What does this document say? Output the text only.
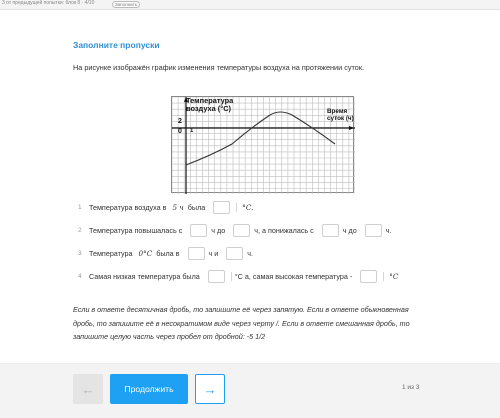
3 от предыдущей попытки: блок 8 · 4/10	Заполнить
Заполните пропуски
На рисунке изображён график изменения температуры воздуха на протяжении суток.
Температура воздуха (°С)	Время суток (ч)
2
0 1
1	Температура воздуха в 5 ч была	°C.
2	Температура повышалась с	ч до	ч, а понижалась с	ч до	ч.
3	Температура 0°C была в	ч и	ч.
4	Самая низкая температура была	°C а, самая высокая температура -	°C
Если в ответе десятичная дробь, то запишите её через запятую. Если в ответе обыкновенная дробь, то запишите её в несократимом виде через черту /. Если в ответе смешанная дробь, то запишите целую часть через пробел от дробной: -5 1/2
←	Продолжить	→	1 из 3
